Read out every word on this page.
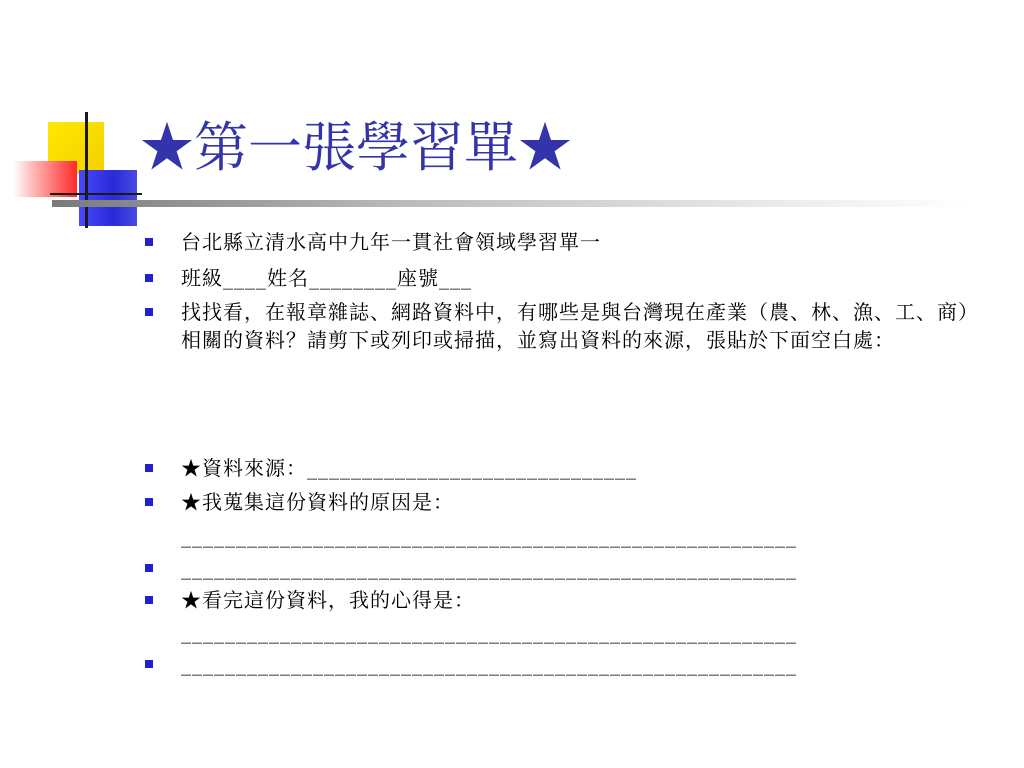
★第一張學習單★
台北縣立清水高中九年一貫社會領域學習單一
班級____姓名________座號___
找找看，在報章雜誌、網路資料中，有哪些是與台灣現在產業（農、林、漁、工、商）相關的資料？請剪下或列印或掃描，並寫出資料的來源，張貼於下面空白處：
★資料來源：______________________________
★我蒐集這份資料的原因是：
________________________________________________________
________________________________________________________
★看完這份資料，我的心得是：
________________________________________________________
________________________________________________________
